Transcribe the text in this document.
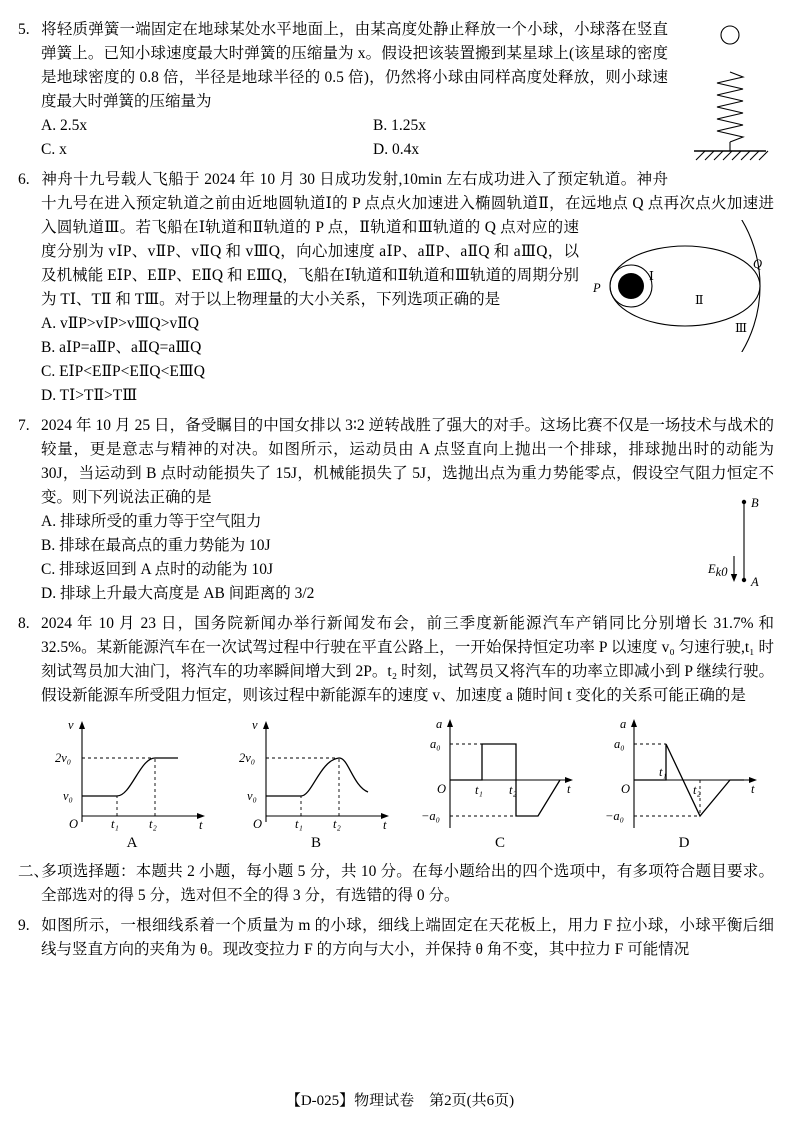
5. 将轻质弹簧一端固定在地球某处水平地面上，由某高度处静止释放一个小球，小球落在竖直弹簧上。已知小球速度最大时弹簧的压缩量为 x。假设把该装置搬到某星球上(该星球的密度是地球密度的 0.8 倍，半径是地球半径的 0.5 倍)，仍然将小球由同样高度处释放，则小球速度最大时弹簧的压缩量为
A. 2.5x	B. 1.25x
C. x	D. 0.4x
6. 神舟十九号载人飞船于 2024 年 10 月 30 日成功发射,10min 左右成功进入了预定轨道。神舟十九号在进入预定轨道之前由近地圆轨道Ⅰ的 P 点点火加速进入椭圆轨道Ⅱ，在远地点 Q 点再次点火加速进入圆轨道Ⅲ。
P
Ⅰ
Ⅱ
Ⅲ
Q
若飞船在Ⅰ轨道和Ⅱ轨道的 P 点，Ⅱ轨道和Ⅲ轨道的 Q 点对应的速度分别为 vⅠP、vⅡP、vⅡQ 和 vⅢQ，向心加速度 aⅠP、aⅡP、aⅡQ 和 aⅢQ，以及机械能 EⅠP、EⅡP、EⅡQ 和 EⅢQ，飞船在Ⅰ轨道和Ⅱ轨道和Ⅲ轨道的周期分别为 TⅠ、TⅡ 和 TⅢ。对于以上物理量的大小关系，下列选项正确的是
A. vⅡP>vⅠP>vⅢQ>vⅡQ
B. aⅠP=aⅡP、aⅡQ=aⅢQ
C. EⅠP<EⅡP<EⅡQ<EⅢQ
D. TⅠ>TⅡ>TⅢ
7. 2024 年 10 月 25 日，备受瞩目的中国女排以 3∶2 逆转战胜了强大的对手。这场比赛不仅是一场技术与战术的较量，更是意志与精神的对决。如图所示，运动员由 A 点竖直向上抛出一个排球，排球抛出时的动能为 30J，当运动到 B 点时动能损失了 15J，机械能损失了 5J，选抛出点为重力势能零点，假设空气阻力恒定不变。则下列说法正确的是	B
A
Ek0
A. 排球所受的重力等于空气阻力
B. 排球在最高点的重力势能为 10J
C. 排球返回到 A 点时的动能为 10J
D. 排球上升最大高度是 AB 间距离的 3/2
8. 2024 年 10 月 23 日，国务院新闻办举行新闻发布会，前三季度新能源汽车产销同比分别增长 31.7% 和 32.5%。某新能源汽车在一次试驾过程中行驶在平直公路上，一开始保持恒定功率 P 以速度 v₀ 匀速行驶,t₁ 时刻试驾员加大油门，将汽车的功率瞬间增大到 2P。t₂ 时刻，试驾员又将汽车的功率立即减小到 P 继续行驶。假设新能源车所受阻力恒定，则该过程中新能源车的速度 v、加速度 a 随时间 t 变化的关系可能正确的是
v
2v₀
v₀
O	t₁ t₂	t
A
v
2v₀
v₀
O	t₁ t₂	t
B
a
a₀
−a₀
O t₁ t₂	t
C
a
a₀
−a₀
O
t₁
t₂	t
D
二、多项选择题：本题共 2 小题，每小题 5 分，共 10 分。在每小题给出的四个选项中，有多项符合题目要求。全部选对的得 5 分，选对但不全的得 3 分，有选错的得 0 分。
9. 如图所示，一根细线系着一个质量为 m 的小球，细线上端固定在天花板上，用力 F 拉小球，小球平衡后细线与竖直方向的夹角为 θ。现改变拉力 F 的方向与大小，并保持 θ 角不变，其中拉力 F 可能情况
【D-025】物理试卷　第2页(共6页)
